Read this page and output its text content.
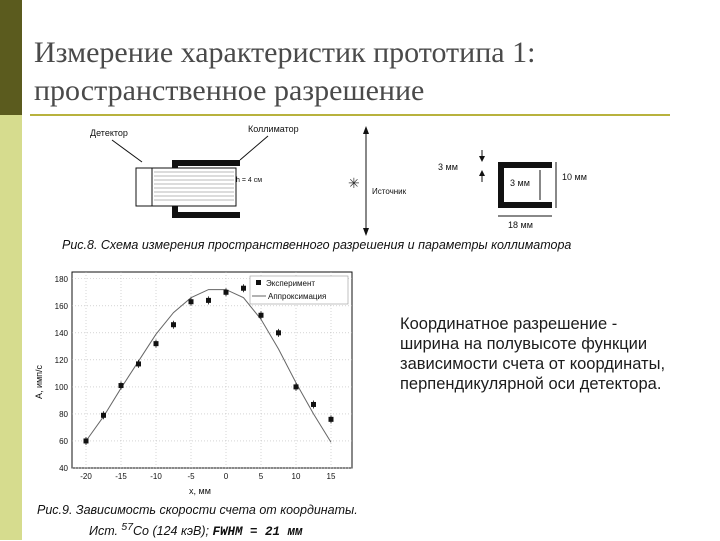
Измерение характеристик прототипа 1:
пространственное разрешение
Детектор	Коллиматор
h = 4 см	✳
Источник
3 мм
10 мм
3 мм
18 мм
Рис.8. Схема измерения пространственного разрешения и параметры коллиматора
-20	-15	-10	-5	0	5	10	15
40
60
80
100
120
140
160
180	Эксперимент
Аппроксимация
x, мм
A, имп/с
Координатное разрешение - ширина на полувысоте функции зависимости счета от координаты, перпендикулярной оси детектора.
Рис.9. Зависимость скорости счета от координаты.
Ист. $^{57}$Co (124 кэВ); FWHM = 21 мм
